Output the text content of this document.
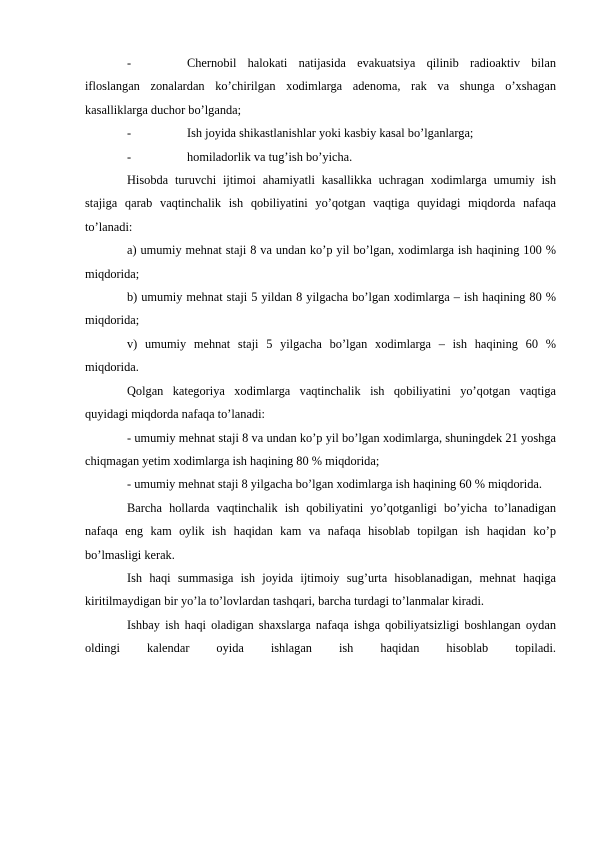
-	Chernobil halokati natijasida evakuatsiya qilinib radioaktiv bilan ifloslangan zonalardan ko’chirilgan xodimlarga adenoma, rak va shunga o’xshagan kasalliklarga duchor bo’lganda;

-	Ish joyida shikastlanishlar yoki kasbiy kasal bo’lganlarga;

-	homiladorlik va tug’ish bo’yicha.

Hisobda turuvchi ijtimoi ahamiyatli kasallikka uchragan xodimlarga umumiy ish stajiga qarab vaqtinchalik ish qobiliyatini yo’qotgan vaqtiga quyidagi miqdorda nafaqa to’lanadi:

a) umumiy mehnat staji 8 va undan ko’p yil bo’lgan, xodimlarga ish haqining 100 % miqdorida;

b) umumiy mehnat staji 5 yildan 8 yilgacha bo’lgan xodimlarga – ish haqining 80 % miqdorida;

v) umumiy mehnat staji 5 yilgacha bo’lgan xodimlarga – ish haqining 60 % miqdorida.

Qolgan kategoriya xodimlarga vaqtinchalik ish qobiliyatini yo’qotgan vaqtiga quyidagi miqdorda nafaqa to’lanadi:

- umumiy mehnat staji 8 va undan ko’p yil bo’lgan xodimlarga, shuningdek 21 yoshga chiqmagan yetim xodimlarga ish haqining 80 % miqdorida;

- umumiy mehnat staji 8 yilgacha bo’lgan xodimlarga ish haqining 60 % miqdorida.

Barcha hollarda vaqtinchalik ish qobiliyatini yo’qotganligi bo’yicha to’lanadigan nafaqa eng kam oylik ish haqidan kam va nafaqa hisoblab topilgan ish haqidan ko’p bo’lmasligi kerak.

Ish haqi summasiga ish joyida ijtimoiy sug’urta hisoblanadigan, mehnat haqiga kiritilmaydigan bir yo’la to’lovlardan tashqari, barcha turdagi to’lanmalar kiradi.

Ishbay ish haqi oladigan shaxslarga nafaqa ishga qobiliyatsizligi boshlangan oydan oldingi kalendar oyida ishlagan ish haqidan hisoblab topiladi.
